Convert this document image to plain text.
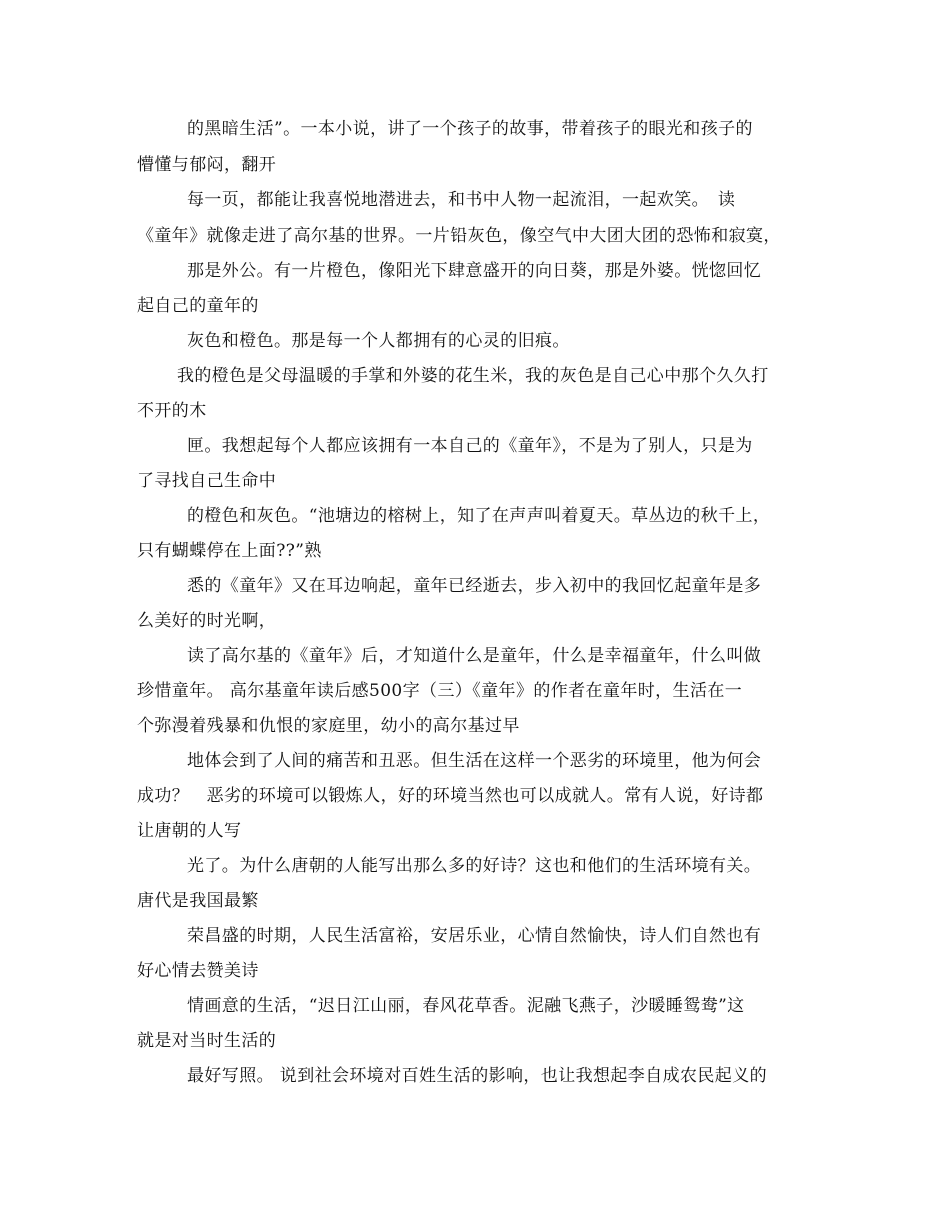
的黑暗生活”。一本小说，讲了一个孩子的故事，带着孩子的眼光和孩子的
懵懂与郁闷，翻开
每一页，都能让我喜悦地潜进去，和书中人物一起流泪，一起欢笑。　读
《童年》就像走进了高尔基的世界。一片铅灰色，像空气中大团大团的恐怖和寂寞，
那是外公。有一片橙色，像阳光下肆意盛开的向日葵，那是外婆。恍惚回忆
起自己的童年的
灰色和橙色。那是每一个人都拥有的心灵的旧痕。
我的橙色是父母温暖的手掌和外婆的花生米，我的灰色是自己心中那个久久打
不开的木
匣。我想起每个人都应该拥有一本自己的《童年》，不是为了别人，只是为
了寻找自己生命中
的橙色和灰色。“池塘边的榕树上，知了在声声叫着夏天。草丛边的秋千上，
只有蝴蝶停在上面??”熟
悉的《童年》又在耳边响起，童年已经逝去，步入初中的我回忆起童年是多
么美好的时光啊，
读了高尔基的《童年》后，才知道什么是童年，什么是幸福童年，什么叫做
珍惜童年。 高尔基童年读后感500字（三）《童年》的作者在童年时，生活在一
个弥漫着残暴和仇恨的家庭里，幼小的高尔基过早
地体会到了人间的痛苦和丑恶。但生活在这样一个恶劣的环境里，他为何会
成功？　恶劣的环境可以锻炼人，好的环境当然也可以成就人。常有人说，好诗都
让唐朝的人写
光了。为什么唐朝的人能写出那么多的好诗？这也和他们的生活环境有关。
唐代是我国最繁
荣昌盛的时期，人民生活富裕，安居乐业，心情自然愉快，诗人们自然也有
好心情去赞美诗
情画意的生活，“迟日江山丽，春风花草香。泥融飞燕子，沙暖睡鸳鸯”这
就是对当时生活的
最好写照。 说到社会环境对百姓生活的影响，也让我想起李自成农民起义的
